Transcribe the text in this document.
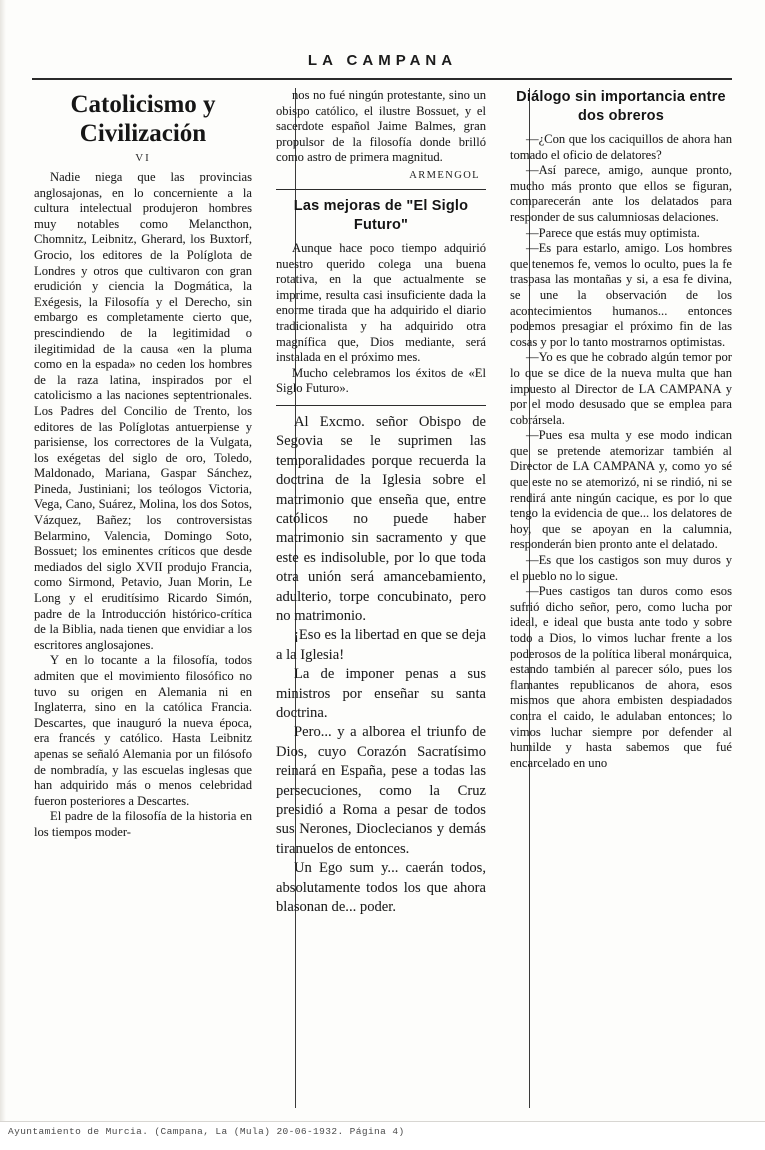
LA CAMPANA
Catolicismo y Civilización
VI

Nadie niega que las provincias anglosajonas, en lo concerniente a la cultura intelectual produjeron hombres muy notables como Melancthon, Chomnitz, Leibnitz, Gherard, los Buxtorf, Grocio, los editores de la Políglota de Londres y otros que cultivaron con gran erudición y ciencia la Dogmática, la Exégesis, la Filosofía y el Derecho, sin embargo es completamente cierto que, prescindiendo de la legitimidad o ilegitimidad de la causa «en la pluma como en la espada» no ceden los hombres de la raza latina, inspirados por el catolicismo a las naciones septentrionales. Los Padres del Concilio de Trento, los editores de las Políglotas antuerpiense y parisiense, los correctores de la Vulgata, los exégetas del siglo de oro, Toledo, Maldonado, Mariana, Gaspar Sánchez, Pineda, Justiniani; los teólogos Victoria, Vega, Cano, Suárez, Molina, los dos Sotos, Vázquez, Bañez; los controversistas Belarmino, Valencia, Domingo Soto, Bossuet; los eminentes críticos que desde mediados del siglo XVII produjo Francia, como Sirmond, Petavio, Juan Morin, Le Long y el eruditísimo Ricardo Simón, padre de la Introducción histórico-crítica de la Biblia, nada tienen que envidiar a los escritores anglosajones.

Y en lo tocante a la filosofía, todos admiten que el movimiento filosófico no tuvo su origen en Alemania ni en Inglaterra, sino en la católica Francia. Descartes, que inauguró la nueva época, era francés y católico. Hasta Leibnitz apenas se señaló Alemania por un filósofo de nombradía, y las escuelas inglesas que han adquirido más o menos celebridad fueron posteriores a Descartes.

El padre de la filosofía de la historia en los tiempos moder-

nos no fué ningún protestante, sino un obispo católico, el ilustre Bossuet, y el sacerdote español Jaime Balmes, gran propulsor de la filosofía donde brilló como astro de primera magnitud.

ARMENGOL
Las mejoras de "El Siglo Futuro"

Aunque hace poco tiempo adquirió nuestro querido colega una buena rotativa, en la que actualmente se imprime, resulta casi insuficiente dada la enorme tirada que ha adquirido el diario tradicionalista y ha adquirido otra magnífica que, Dios mediante, será instalada en el próximo mes.

Mucho celebramos los éxitos de «El Siglo Futuro».

Al Excmo. señor Obispo de Segovia se le suprimen las temporalidades porque recuerda la doctrina de la Iglesia sobre el matrimonio que enseña que, entre católicos no puede haber matrimonio sin sacramento y que este es indisoluble, por lo que toda otra unión será amancebamiento, adulterio, torpe concubinato, pero no matrimonio.

¡Eso es la libertad en que se deja a la Iglesia!

La de imponer penas a sus ministros por enseñar su santa doctrina.

Pero... y a alborea el triunfo de Dios, cuyo Corazón Sacratísimo reinará en España, pese a todas las persecuciones, como la Cruz presidió a Roma a pesar de todos sus Nerones, Dioclecianos y demás tiranuelos de entonces.

Un Ego sum y... caerán todos, absolutamente todos los que ahora blasonan de... poder.

Diálogo sin importancia entre dos obreros

—¿Con que los caciquillos de ahora han tomado el oficio de delatores?

—Así parece, amigo, aunque pronto, mucho más pronto que ellos se figuran, comparecerán ante los delatados para responder de sus calumniosas delaciones.

—Parece que estás muy optimista.

—Es para estarlo, amigo. Los hombres que tenemos fe, vemos lo oculto, pues la fe traspasa las montañas y si, a esa fe divina, se une la observación de los acontecimientos humanos... entonces podemos presagiar el próximo fin de las cosas y por lo tanto mostrarnos optimistas.

—Yo es que he cobrado algún temor por lo que se dice de la nueva multa que han impuesto al Director de LA CAMPANA y por el modo desusado que se emplea para cobrársela.

—Pues esa multa y ese modo indican que se pretende atemorizar también al Director de LA CAMPANA y, como yo sé que este no se atemorizó, ni se rindió, ni se rendirá ante ningún cacique, es por lo que tengo la evidencia de que... los delatores de hoy, que se apoyan en la calumnia, responderán bien pronto ante el delatado.

—Es que los castigos son muy duros y el pueblo no lo sigue.

—Pues castigos tan duros como esos sufrió dicho señor, pero, como lucha por ideal, e ideal que busta ante todo y sobre todo a Dios, lo vimos luchar frente a los poderosos de la política liberal monárquica, estando también al parecer sólo, pues los flamantes republicanos de ahora, esos mismos que ahora embisten despiadados contra el caido, le adulaban entonces; lo vimos luchar siempre por defender al humilde y hasta sabemos que fué encarcelado en uno

Ayuntamiento de Murcia. (Campana, La (Mula) 20-06-1932. Página 4)
